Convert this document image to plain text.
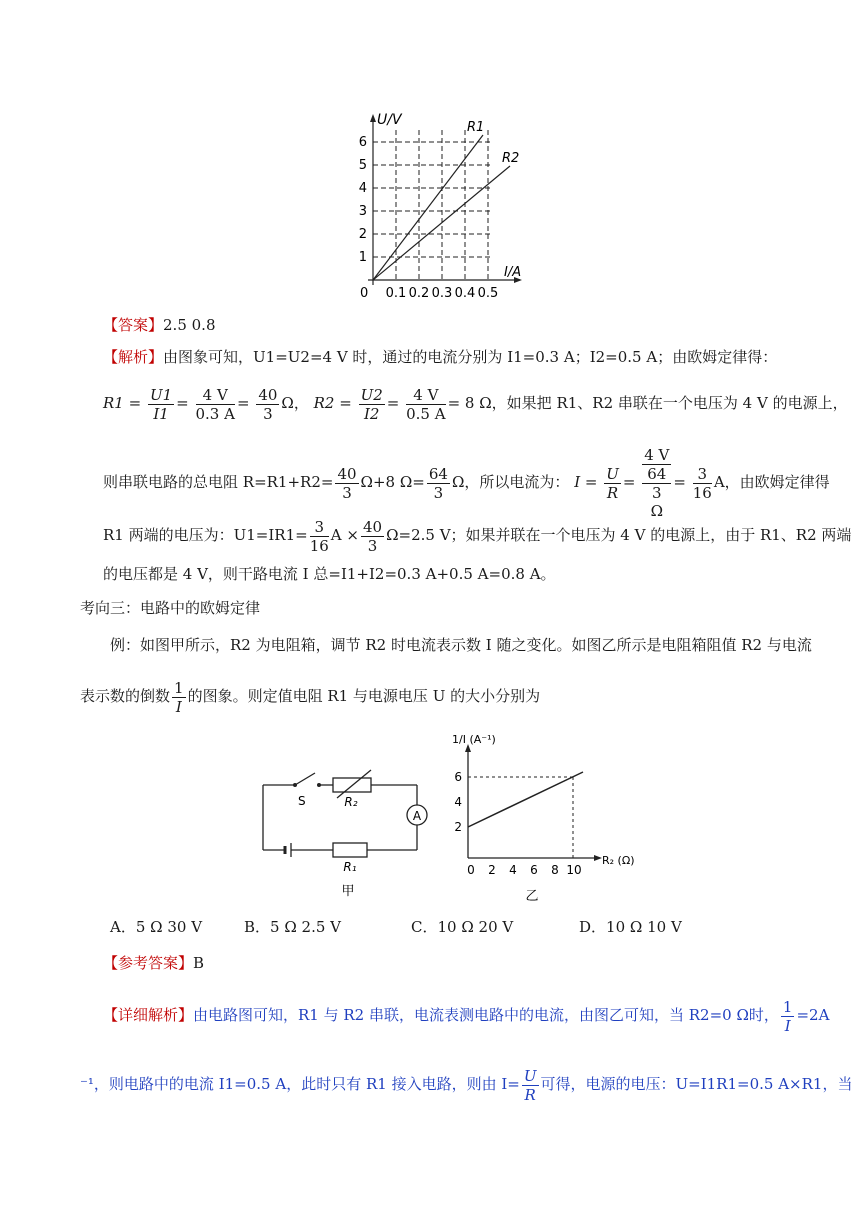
U/V	R1
R2
I/A
0
1
2
3
4
5
6
0.1 0.2 0.3 0.4 0.5
【答案】2.5 0.8
【解析】由图象可知，U1=U2=4 V 时，通过的电流分别为 I1=0.3 A；I2=0.5 A；由欧姆定律得：
$R1 = \frac{U1}{I1} = \frac{4 V}{0.3 A} = \frac{40}{3}$ Ω， $R2 = \frac{U2}{I2} = \frac{4 V}{0.5 A} = 8$ Ω，如果把 R1、R2 串联在一个电压为 4 V 的电源上，
则串联电路的总电阻 $R=R1+R2= \frac{40}{3} \Omega+8$ $\Omega= \frac{64}{3}$ Ω，所以电流为： $I = \frac{U}{R} = 4$ V
64
3
$\Omega = \frac{3}{16}$ A，由欧姆定律得
R1 两端的电压为：$U1=IR1= \frac{3}{16}$ $A \times \frac{40}{3} \Omega=2.5$ V；如果并联在一个电压为 4 V 的电源上，由于 R1、R2 两端
的电压都是 4 V，则干路电流 I 总=I1+I2=0.3 A+0.5 A=0.8 A。
考向三：电路中的欧姆定律
例：如图甲所示，R2 为电阻箱，调节 R2 时电流表示数 I 随之变化。如图乙所示是电阻箱阻值 R2 与电流
表示数的倒数 $\frac{1}{I}$ 的图象。则定值电阻 R1 与电源电压 U 的大小分别为
S	R₂
A
R₁
甲
1/I (A⁻¹)
R₂ (Ω)
2
4
6
0 2 4 6 8 10
乙
A．5 Ω 30 V	B．5 Ω 2.5 V	C．10 Ω 20 V	D．10 Ω 10 V
【参考答案】B
【详细解析】由电路图可知，R1 与 R2 串联，电流表测电路中的电流，由图乙可知，当 R2=0 Ω时， $\frac{1}{I} =2A$
⁻¹，则电路中的电流 I1=0.5 A，此时只有 R1 接入电路，则由 $I= \frac{U}{R}$ 可得，电源的电压：U=I1R1=0.5 A×R1，当
